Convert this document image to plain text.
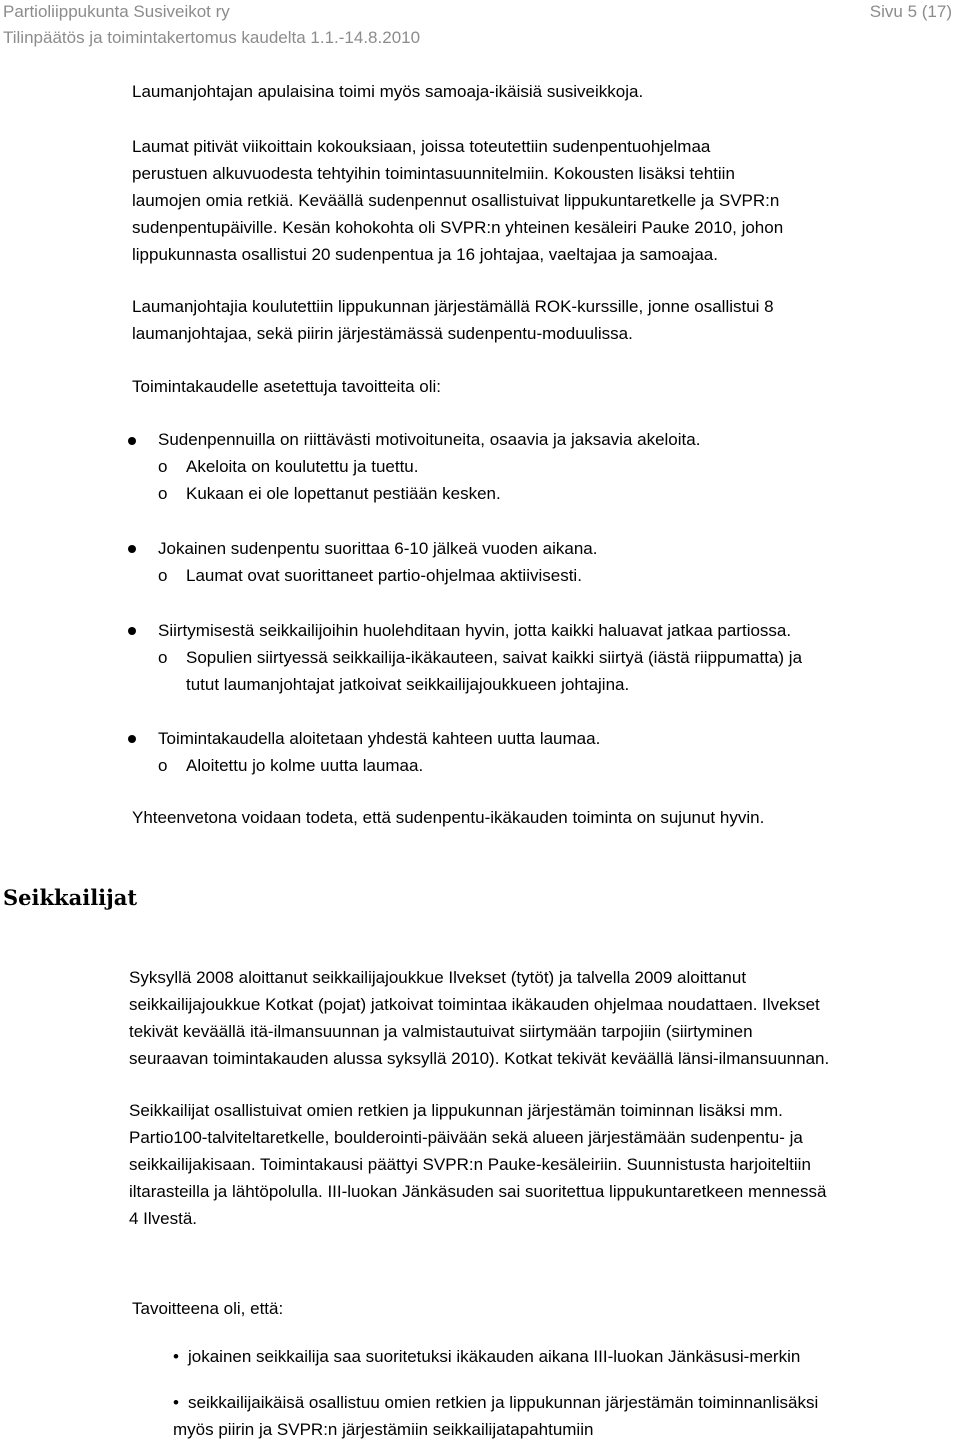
Partioliippukunta Susiveikot ry	Sivu 5 (17)
Tilinpäätös ja toimintakertomus kaudelta 1.1.-14.8.2010
Laumanjohtajan apulaisina toimi myös samoaja-ikäisiä susiveikkoja.
Laumat pitivät viikoittain kokouksiaan, joissa toteutettiin sudenpentuohjelmaa
perustuen alkuvuodesta tehtyihin toimintasuunnitelmiin. Kokousten lisäksi tehtiin
laumojen omia retkiä. Keväällä sudenpennut osallistuivat lippukuntaretkelle ja SVPR:n
sudenpentupäiville. Kesän kohokohta oli SVPR:n yhteinen kesäleiri Pauke 2010, johon
lippukunnasta osallistui 20 sudenpentua ja 16 johtajaa, vaeltajaa ja samoajaa.
Laumanjohtajia koulutettiin lippukunnan järjestämällä ROK-kurssille, jonne osallistui 8
laumanjohtajaa, sekä piirin järjestämässä sudenpentu-moduulissa.
Toimintakaudelle asetettuja tavoitteita oli:
Sudenpennuilla on riittävästi motivoituneita, osaavia ja jaksavia akeloita.
o Akeloita on koulutettu ja tuettu.
o Kukaan ei ole lopettanut pestiään kesken.
Jokainen sudenpentu suorittaa 6-10 jälkeä vuoden aikana.
o Laumat ovat suorittaneet partio-ohjelmaa aktiivisesti.
Siirtymisestä seikkailijoihin huolehditaan hyvin, jotta kaikki haluavat jatkaa partiossa.
o Sopulien siirtyessä seikkailija-ikäkauteen, saivat kaikki siirtyä (iästä riippumatta) ja
tutut laumanjohtajat jatkoivat seikkailijajoukkueen johtajina.
Toimintakaudella aloitetaan yhdestä kahteen uutta laumaa.
o Aloitettu jo kolme uutta laumaa.
Yhteenvetona voidaan todeta, että sudenpentu-ikäkauden toiminta on sujunut hyvin.
Seikkailijat
Syksyllä 2008 aloittanut seikkailijajoukkue Ilvekset (tytöt) ja talvella 2009 aloittanut
seikkailijajoukkue Kotkat (pojat) jatkoivat toimintaa ikäkauden ohjelmaa noudattaen. Ilvekset
tekivät keväällä itä-ilmansuunnan ja valmistautuivat siirtymään tarpojiin (siirtyminen
seuraavan toimintakauden alussa syksyllä 2010). Kotkat tekivät keväällä länsi-ilmansuunnan.
Seikkailijat osallistuivat omien retkien ja lippukunnan järjestämän toiminnan lisäksi mm.
Partio100-talviteltaretkelle, boulderointi-päivään sekä alueen järjestämään sudenpentu- ja
seikkailijakisaan. Toimintakausi päättyi SVPR:n Pauke-kesäleiriin. Suunnistusta harjoiteltiin
iltarasteilla ja lähtöpolulla. III-luokan Jänkäsuden sai suoritettua lippukuntaretkeen mennessä
4 Ilvestä.
Tavoitteena oli, että:
• jokainen seikkailija saa suoritetuksi ikäkauden aikana III-luokan Jänkäsusi-merkin
• seikkailijaikäisä osallistuu omien retkien ja lippukunnan järjestämän toiminnanlisäksi
myös piirin ja SVPR:n järjestämiin seikkailijatapahtumiin
